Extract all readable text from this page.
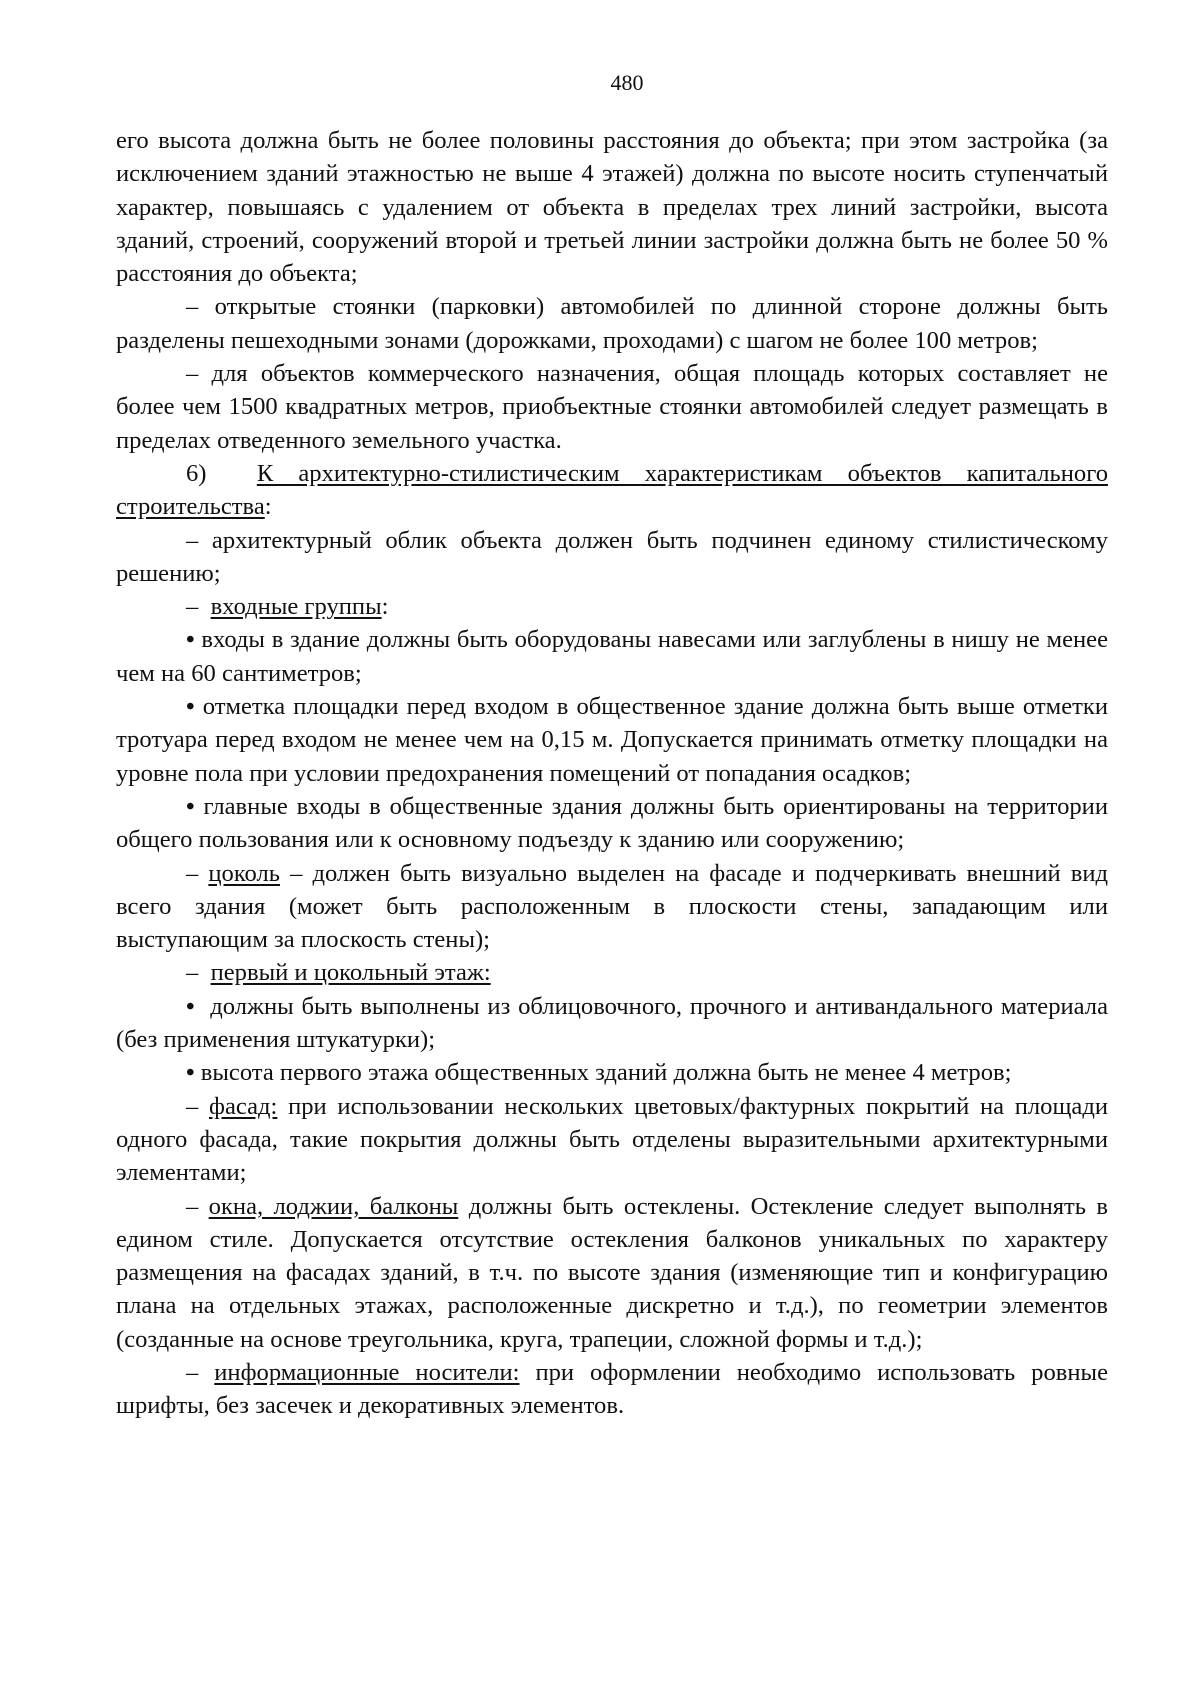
480

его высота должна быть не более половины расстояния до объекта; при этом застройка (за исключением зданий этажностью не выше 4 этажей) должна по высоте носить ступенчатый характер, повышаясь с удалением от объекта в пределах трех линий застройки, высота зданий, строений, сооружений второй и третьей линии застройки должна быть не более 50 % расстояния до объекта;

– открытые стоянки (парковки) автомобилей по длинной стороне должны быть разделены пешеходными зонами (дорожками, проходами) с шагом не более 100 метров;

– для объектов коммерческого назначения, общая площадь которых составляет не более чем 1500 квадратных метров, приобъектные стоянки автомобилей следует размещать в пределах отведенного земельного участка.

6) К архитектурно-стилистическим характеристикам объектов капитального строительства:

– архитектурный облик объекта должен быть подчинен единому стилистическому решению;

– входные группы:

• входы в здание должны быть оборудованы навесами или заглублены в нишу не менее чем на 60 сантиметров;

• отметка площадки перед входом в общественное здание должна быть выше отметки тротуара перед входом не менее чем на 0,15 м. Допускается принимать отметку площадки на уровне пола при условии предохранения помещений от попадания осадков;

• главные входы в общественные здания должны быть ориентированы на территории общего пользования или к основному подъезду к зданию или сооружению;

– цоколь – должен быть визуально выделен на фасаде и подчеркивать внешний вид всего здания (может быть расположенным в плоскости стены, западающим или выступающим за плоскость стены);

– первый и цокольный этаж:

• должны быть выполнены из облицовочного, прочного и антивандального материала (без применения штукатурки);

• высота первого этажа общественных зданий должна быть не менее 4 метров;

– фасад: при использовании нескольких цветовых/фактурных покрытий на площади одного фасада, такие покрытия должны быть отделены выразительными архитектурными элементами;

– окна, лоджии, балконы должны быть остеклены. Остекление следует выполнять в едином стиле. Допускается отсутствие остекления балконов уникальных по характеру размещения на фасадах зданий, в т.ч. по высоте здания (изменяющие тип и конфигурацию плана на отдельных этажах, расположенные дискретно и т.д.), по геометрии элементов (созданные на основе треугольника, круга, трапеции, сложной формы и т.д.);

– информационные носители: при оформлении необходимо использовать ровные шрифты, без засечек и декоративных элементов.
